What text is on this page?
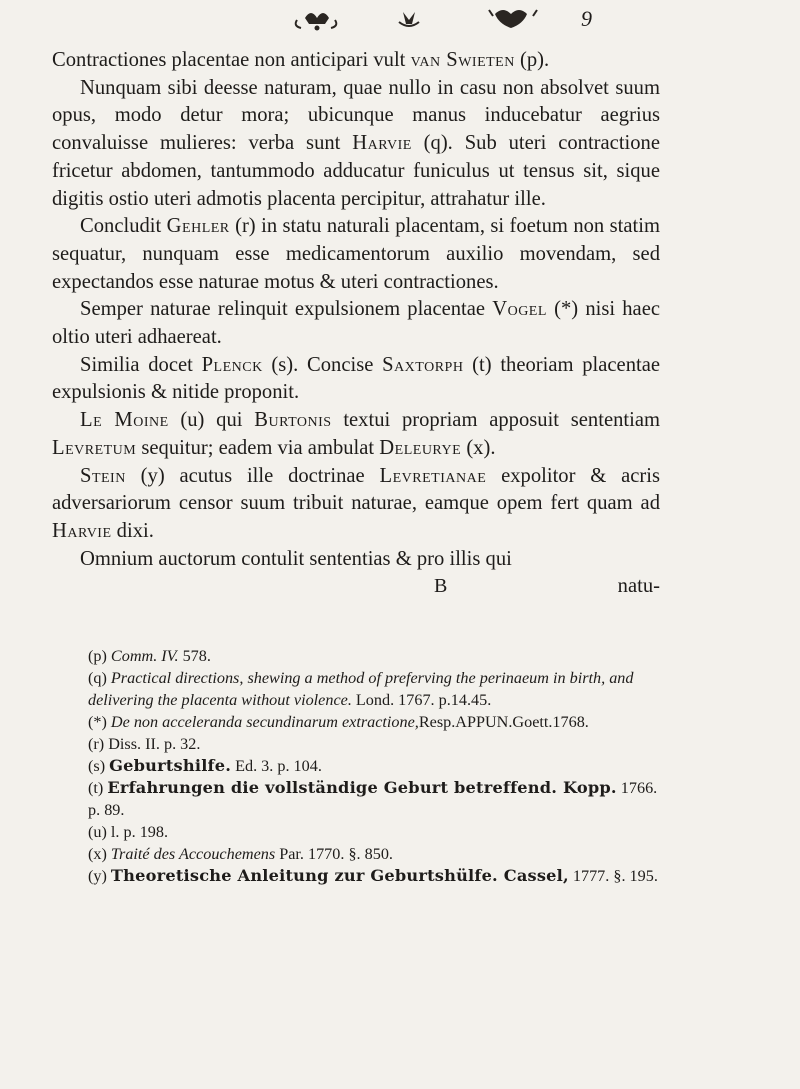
9

Contractiones placentae non anticipari vult van Swieten (p).

Nunquam sibi deesse naturam, quae nullo in casu non absolvet suum opus, modo detur mora; ubicunque manus inducebatur aegrius convaluisse mulieres: verba sunt Harvie (q). Sub uteri contractione fricetur abdomen, tantummodo adducatur funiculus ut tensus sit, sique digitis ostio uteri admotis placenta percipitur, attrahatur ille.

Concludit Gehler (r) in statu naturali placentam, si foetum non statim sequatur, nunquam esse medicamentorum auxilio movendam, sed expectandos esse naturae motus & uteri contractiones.

Semper naturae relinquit expulsionem placentae Vogel (*) nisi haec oltio uteri adhaereat.

Similia docet Plenck (s). Concise Saxtorph (t) theoriam placentae expulsionis & nitide proponit.

Le Moine (u) qui Burtonis textui propriam apposuit sententiam Levretum sequitur; eadem via ambulat Deleurye (x).

Stein (y) acutus ille doctrinae Levretianae expolitor & acris adversariorum censor suum tribuit naturae, eamque opem fert quam ad Harvie dixi.

Omnium auctorum contulit sententias & pro illis qui

B	natu-

(p) Comm. IV. 578.

(q) Practical directions, shewing a method of preferving the perinaeum in birth, and delivering the placenta without violence. Lond. 1767. p.14.45.

(*) De non acceleranda secundinarum extractione,Resp.APPUN.Goett.1768.

(r) Diss. II. p. 32.

(s) Geburtshilfe. Ed. 3. p. 104.

(t) Erfahrungen die vollständige Geburt betreffend. Kopp. 1766. p. 89.

(u) l. p. 198.

(x) Traité des Accouchemens Par. 1770. §. 850.

(y) Theoretische Anleitung zur Geburtshülfe. Cassel, 1777. §. 195.
